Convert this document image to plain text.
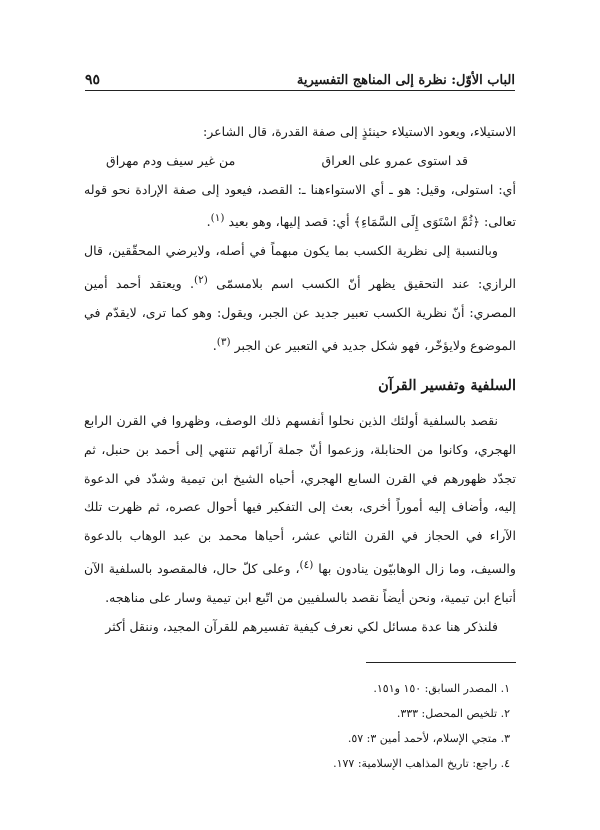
الباب الأوّل: نظرة إلى المناهج التفسيرية
٩٥

الاستيلاء، ويعود الاستيلاء حينئذٍ إلى صفة القدرة، قال الشاعر:

قد استوى عمرو على العراق
من غير سيف ودم مهراق

أي: استولى، وقيل: هو ـ أي الاستواءهنا ـ: القصد، فيعود إلى صفة الإرادة نحو قوله تعالى: ﴿ثُمَّ اسْتَوَى إِلَى السَّمَاءِ﴾ أي: قصد إليها، وهو بعيد $^{(١)}$.

وبالنسبة إلى نظرية الكسب بما يكون مبهماً في أصله، ولايرضي المحقّقين، قال الرازي: عند التحقيق يظهر أنّ الكسب اسم بلامسمّى $^{(٢)}$. ويعتقد أحمد أمين المصري: أنّ نظرية الكسب تعبير جديد عن الجبر، ويقول: وهو كما ترى، لايقدّم في الموضوع ولايؤخّر، فهو شكل جديد في التعبير عن الجبر $^{(٣)}$.

السلفية وتفسير القرآن

نقصد بالسلفية أولئك الذين نحلوا أنفسهم ذلك الوصف، وظهروا في القرن الرابع الهجري، وكانوا من الحنابلة، وزعموا أنّ جملة آرائهم تنتهي إلى أحمد بن حنبل، ثم تجدّد ظهورهم في القرن السابع الهجري، أحياه الشيخ ابن تيمية وشدّد في الدعوة إليه، وأضاف إليه أموراً أخرى، بعث إلى التفكير فيها أحوال عصره، ثم ظهرت تلك الآراء في الحجاز في القرن الثاني عشر، أحياها محمد بن عبد الوهاب بالدعوة والسيف، وما زال الوهابيّون ينادون بها $^{(٤)}$، وعلى كلّ حال، فالمقصود بالسلفية الآن أتباع ابن تيمية، ونحن أيضاً نقصد بالسلفيين من اتّبع ابن تيمية وسار على مناهجه.

فلنذكر هنا عدة مسائل لكي نعرف كيفية تفسيرهم للقرآن المجيد، وننقل أكثر

١. المصدر السابق: ١٥٠ و١٥١.
٢. تلخيص المحصل: ٣٣٣.
٣. متجي الإسلام، لأحمد أمين ٣: ٥٧.
٤. راجع: تاريخ المذاهب الإسلامية: ١٧٧.
